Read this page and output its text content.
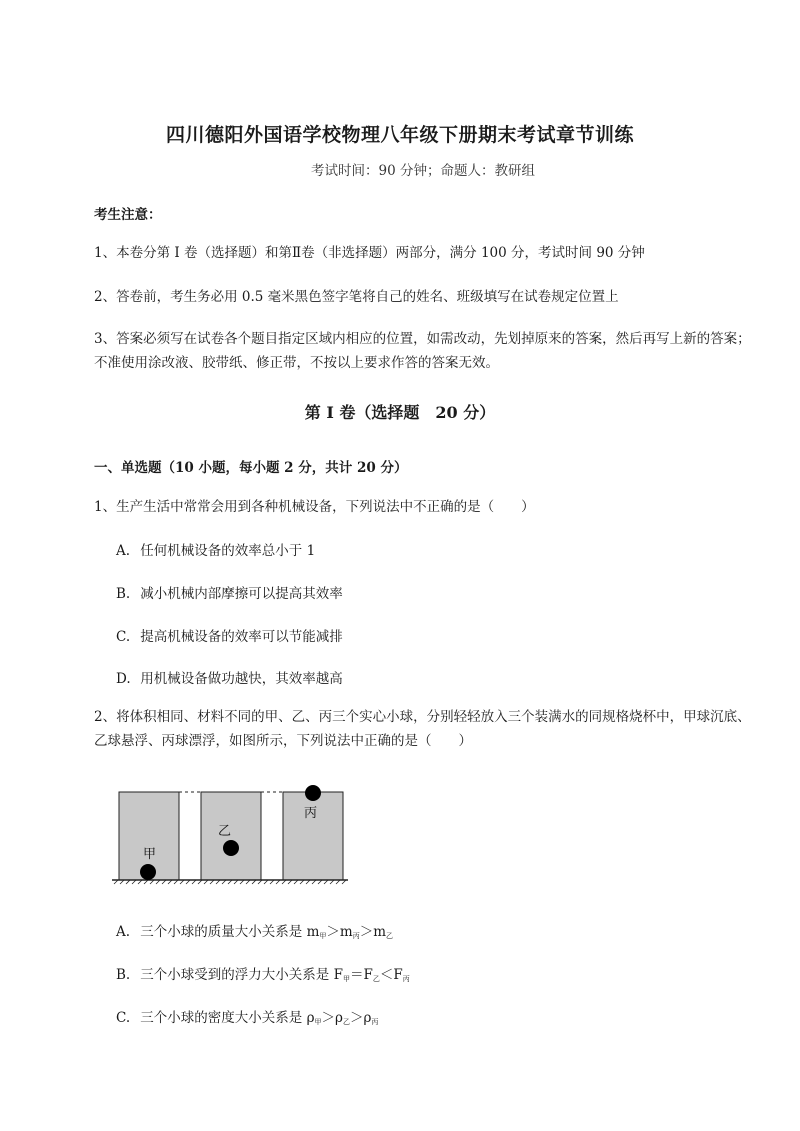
四川德阳外国语学校物理八年级下册期末考试章节训练
考试时间：90 分钟；命题人：教研组
考生注意：
1、本卷分第 I 卷（选择题）和第Ⅱ卷（非选择题）两部分，满分 100 分，考试时间 90 分钟
2、答卷前，考生务必用 0.5 毫米黑色签字笔将自己的姓名、班级填写在试卷规定位置上
3、答案必须写在试卷各个题目指定区域内相应的位置，如需改动，先划掉原来的答案，然后再写上新的答案；不准使用涂改液、胶带纸、修正带，不按以上要求作答的答案无效。
第 I 卷（选择题　20 分）
一、单选题（10 小题，每小题 2 分，共计 20 分）
1、生产生活中常常会用到各种机械设备，下列说法中不正确的是（　　）
A. 任何机械设备的效率总小于 1
B. 减小机械内部摩擦可以提高其效率
C. 提高机械设备的效率可以节能减排
D. 用机械设备做功越快，其效率越高
2、将体积相同、材料不同的甲、乙、丙三个实心小球，分别轻轻放入三个装满水的同规格烧杯中，甲球沉底、乙球悬浮、丙球漂浮，如图所示，下列说法中正确的是（　　）
甲
乙
丙
A. 三个小球的质量大小关系是 $m_甲>m_丙>m_乙$
B. 三个小球受到的浮力大小关系是 $F_甲=F_乙<F_丙$
C. 三个小球的密度大小关系是 $\rho_甲>\rho_乙>\rho_丙$
